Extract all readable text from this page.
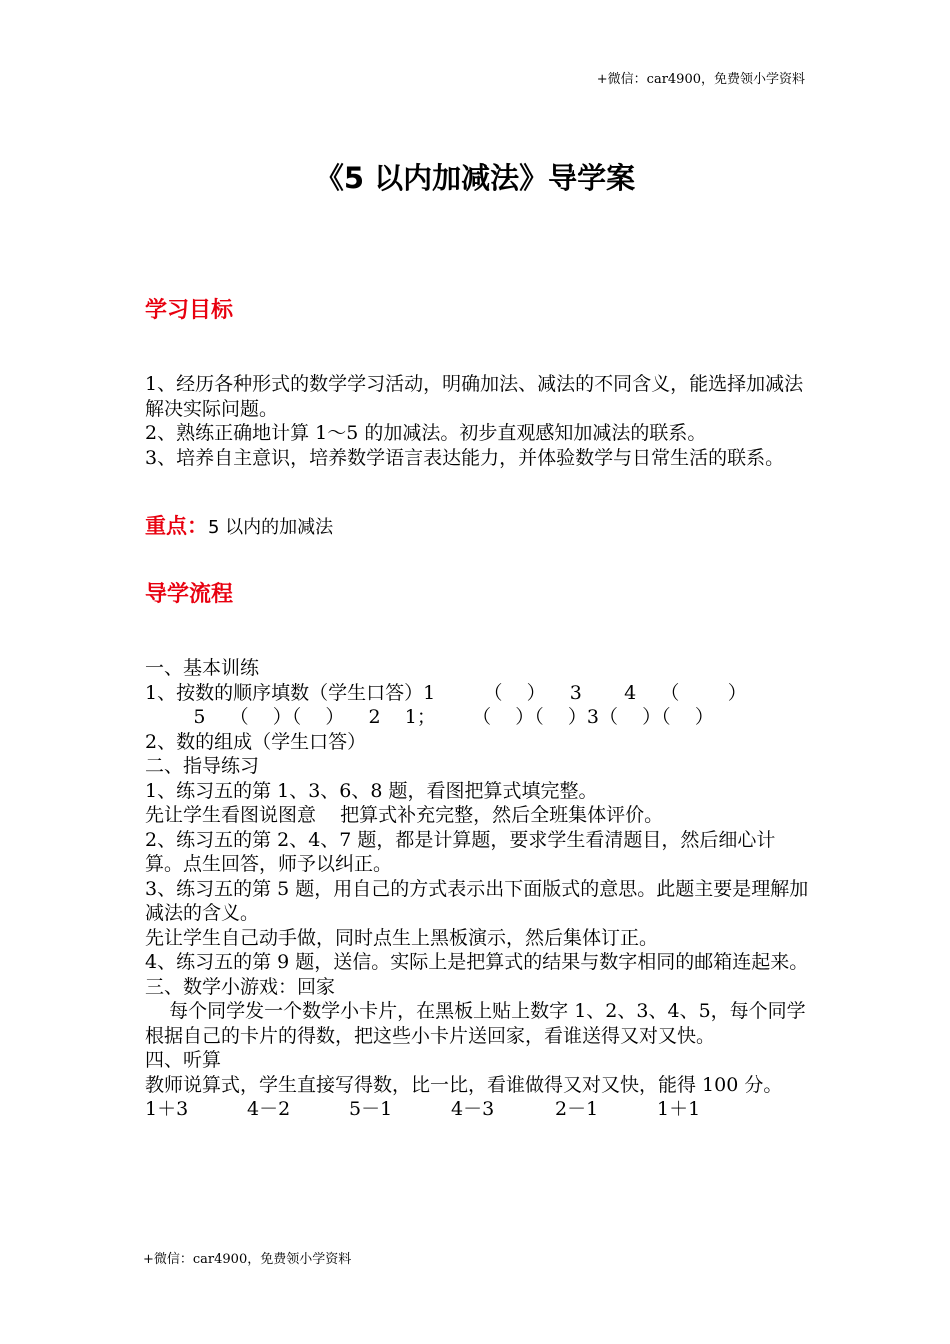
+微信：car4900，免费领小学资料
《5 以内加减法》导学案
学习目标

1、经历各种形式的数学学习活动，明确加法、减法的不同含义，能选择加减法解决实际问题。

2、熟练正确地计算 1～5 的加减法。初步直观感知加减法的联系。

3、培养自主意识，培养数学语言表达能力，并体验数学与日常生活的联系。

重点：5 以内的加减法
导学流程

一、基本训练

1、按数的顺序填数（学生口答）1        （    ）    3       4    （        ）

5    （    ）（    ）    2    1；      （    ）（    ）3（    ）（    ）

2、数的组成（学生口答）

二、指导练习

1、练习五的第 1、3、6、8 题，看图把算式填完整。

先让学生看图说图意    把算式补充完整，然后全班集体评价。

2、练习五的第 2、4、7 题，都是计算题，要求学生看清题目，然后细心计算。点生回答，师予以纠正。

3、练习五的第 5 题，用自己的方式表示出下面版式的意思。此题主要是理解加减法的含义。

先让学生自己动手做，同时点生上黑板演示，然后集体订正。

4、练习五的第 9 题，送信。实际上是把算式的结果与数字相同的邮箱连起来。

三、数学小游戏：回家

每个同学发一个数学小卡片，在黑板上贴上数字 1、2、3、4、5，每个同学根据自己的卡片的得数，把这些小卡片送回家，看谁送得又对又快。

四、听算

教师说算式，学生直接写得数，比一比，看谁做得又对又快，能得 100 分。

1＋3	4－2	5－1	4－3	2－1	1＋1

+微信：car4900，免费领小学资料
